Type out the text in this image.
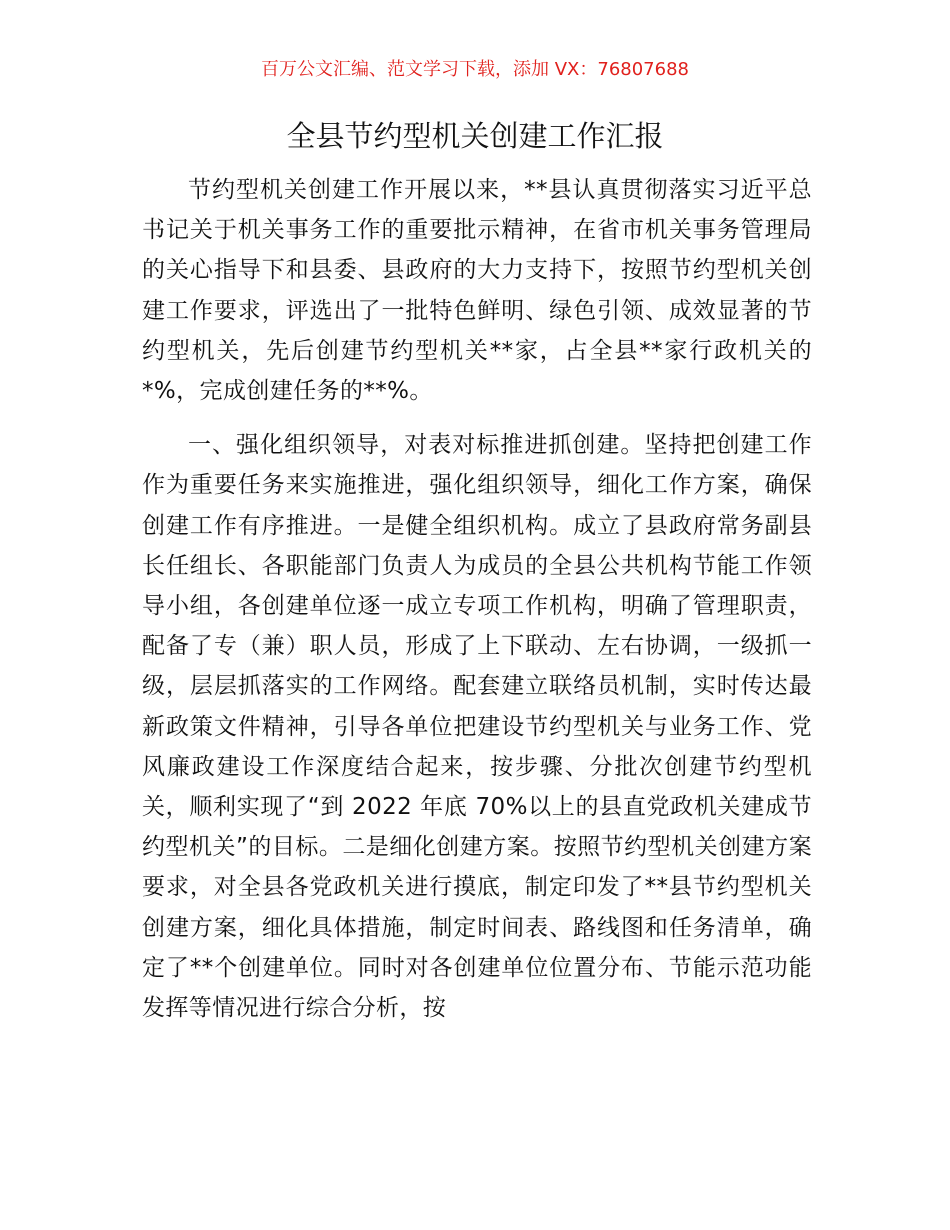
百万公文汇编、范文学习下载，添加 VX：76807688
全县节约型机关创建工作汇报

节约型机关创建工作开展以来，**县认真贯彻落实习近平总书记关于机关事务工作的重要批示精神，在省市机关事务管理局的关心指导下和县委、县政府的大力支持下，按照节约型机关创建工作要求，评选出了一批特色鲜明、绿色引领、成效显著的节约型机关，先后创建节约型机关**家，占全县**家行政机关的*%，完成创建任务的**%。

一、强化组织领导，对表对标推进抓创建。坚持把创建工作作为重要任务来实施推进，强化组织领导，细化工作方案，确保创建工作有序推进。一是健全组织机构。成立了县政府常务副县长任组长、各职能部门负责人为成员的全县公共机构节能工作领导小组，各创建单位逐一成立专项工作机构，明确了管理职责，配备了专（兼）职人员，形成了上下联动、左右协调，一级抓一级，层层抓落实的工作网络。配套建立联络员机制，实时传达最新政策文件精神，引导各单位把建设节约型机关与业务工作、党风廉政建设工作深度结合起来，按步骤、分批次创建节约型机关，顺利实现了“到 2022 年底 70%以上的县直党政机关建成节约型机关”的目标。二是细化创建方案。按照节约型机关创建方案要求，对全县各党政机关进行摸底，制定印发了**县节约型机关创建方案，细化具体措施，制定时间表、路线图和任务清单，确定了**个创建单位。同时对各创建单位位置分布、节能示范功能发挥等情况进行综合分析，按
